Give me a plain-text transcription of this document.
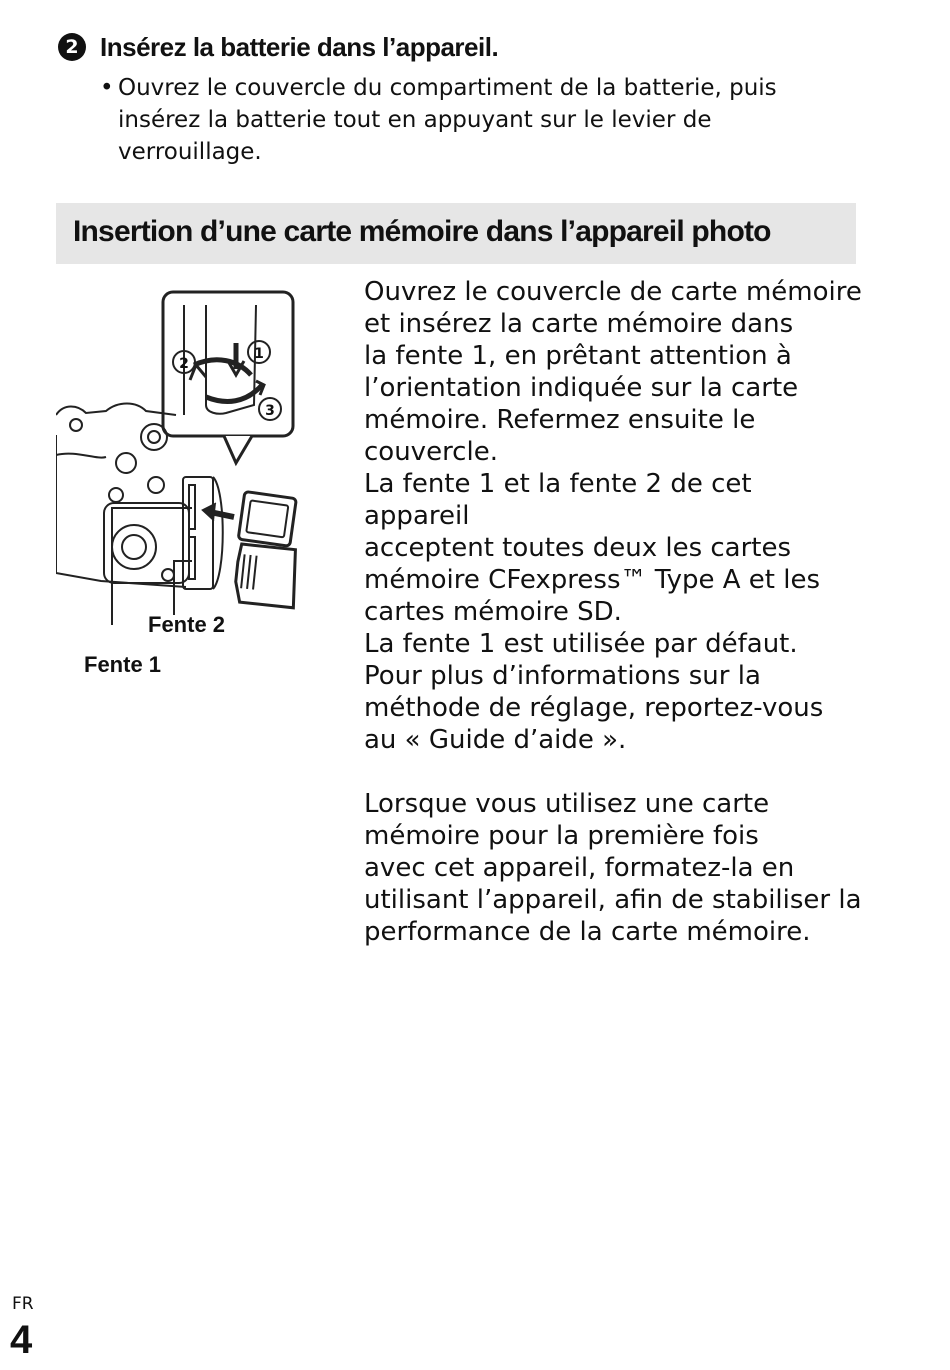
2 Insérez la batterie dans l’appareil.
• Ouvrez le couvercle du compartiment de la batterie, puis insérez la batterie tout en appuyant sur le levier de verrouillage.
Insertion d’une carte mémoire dans l’appareil photo
2
1
3
Fente 2
Fente 1

Ouvrez le couvercle de carte mémoire
et insérez la carte mémoire dans
la fente 1, en prêtant attention à
l’orientation indiquée sur la carte
mémoire. Refermez ensuite le
couvercle.

La fente 1 et la fente 2 de cet appareil
acceptent toutes deux les cartes
mémoire CFexpress™ Type A et les
cartes mémoire SD.

La fente 1 est utilisée par défaut.
Pour plus d’informations sur la
méthode de réglage, reportez-vous
au « Guide d’aide ».

Lorsque vous utilisez une carte
mémoire pour la première fois
avec cet appareil, formatez-la en
utilisant l’appareil, afin de stabiliser la
performance de la carte mémoire.

FR
4
